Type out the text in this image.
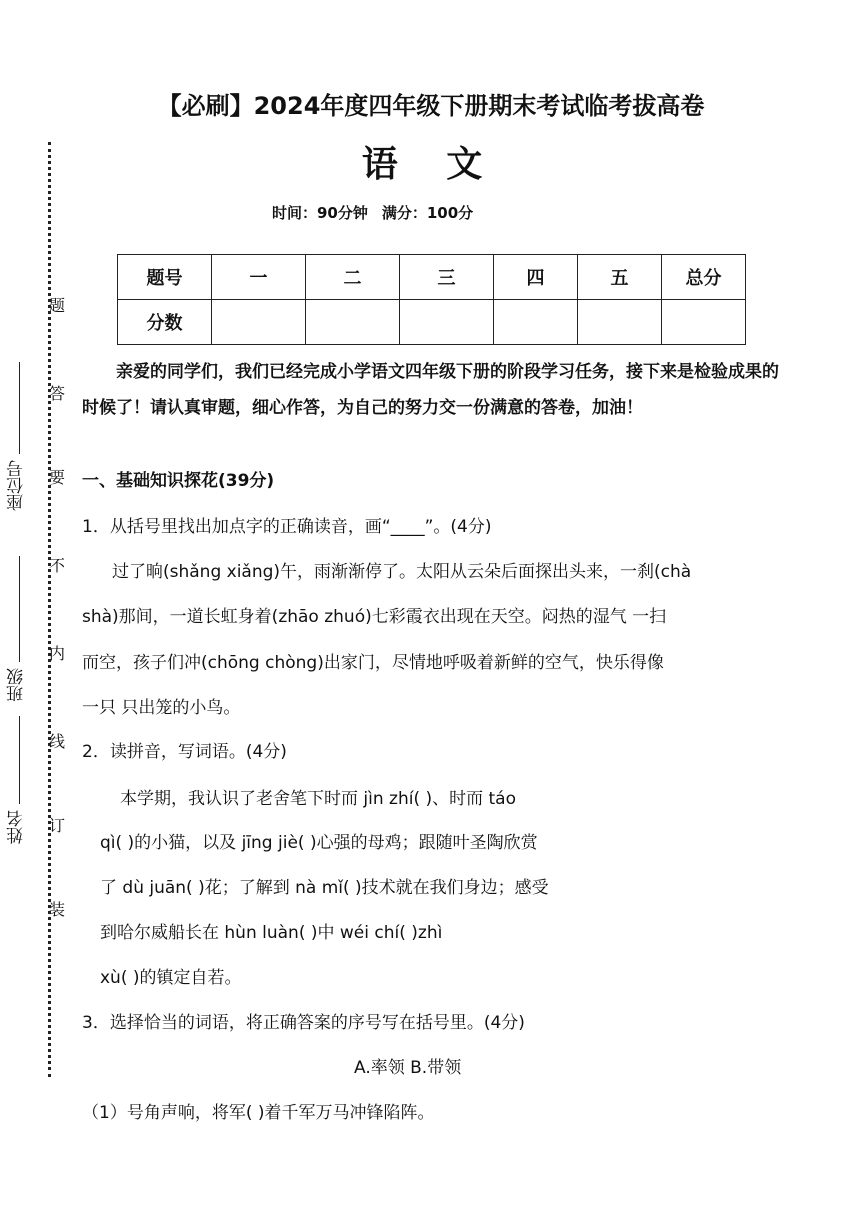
题
答
要
不
内
线
订
装
座位号
班级
姓名
【必刷】2024年度四年级下册期末考试临考拔高卷
语 文
时间：90分钟 满分：100分
题号	一	二	三	四	五	总分
分数						
亲爱的同学们，我们已经完成小学语文四年级下册的阶段学习任务，接下来是检验成果的时候了！请认真审题，细心作答，为自己的努力交一份满意的答卷，加油！
一、基础知识探花(39分)
1．从括号里找出加点字的正确读音，画“____”。(4分)
过了晌(shǎng xiǎng)午，雨渐渐停了。太阳从云朵后面探出头来，一刹(chà
shà)那间，一道长虹身着(zhāo zhuó)七彩霞衣出现在天空。闷热的湿气 一扫
而空，孩子们冲(chōng chòng)出家门，尽情地呼吸着新鲜的空气，快乐得像
一只 只出笼的小鸟。
2．读拼音，写词语。(4分)
本学期，我认识了老舍笔下时而 jìn zhí( )、时而 táo
qì( )的小猫，以及 jīng jiè( )心强的母鸡；跟随叶圣陶欣赏
了 dù juān( )花；了解到 nà mǐ( )技术就在我们身边；感受
到哈尔威船长在 hùn luàn( )中 wéi chí( )zhì
xù( )的镇定自若。
3．选择恰当的词语，将正确答案的序号写在括号里。(4分)
A.率领 B.带领
（1）号角声响，将军( )着千军万马冲锋陷阵。
